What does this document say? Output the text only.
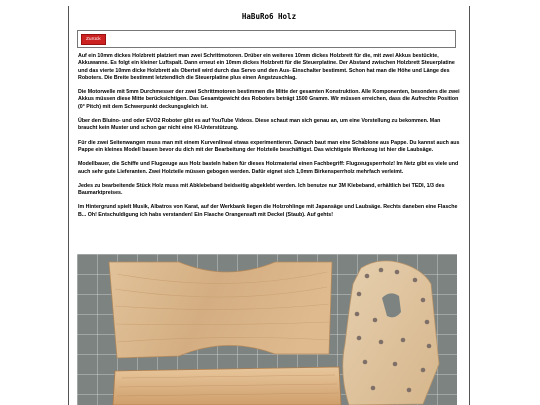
HaBuRo6 Holz
Zurück

Auf ein 10mm dickes Holzbrett platziert man zwei Schrittmotoren. Drüber ein weiteres 10mm dickes Holzbrett für die, mit zwei Akkus bestückte, Akkuwanne. Es folgt ein kleiner Luftspalt. Dann erneut ein 10mm dickes Holzbrett für die Steuerplatine. Der Abstand zwischen Holzbrett Steuerplatine und das vierte 10mm dicke Holzbrett als Oberteil wird durch das Servo und den Aus- Einschalter bestimmt. Schon hat man die Höhe und Länge des Roboters. Die Breite bestimmt letztendlich die Steuerplatine plus einen Angstzuschlag.

Die Motorwelle mit 5mm Durchmesser der zwei Schrittmotoren bestimmen die Mitte der gesamten Konstruktion. Alle Komponenten, besonders die zwei Akkus müssen diese Mitte berücksichtigen. Das Gesamtgewicht des Roboters beträgt 1500 Gramm. Wir müssen erreichen, dass die Aufrechte Position (0° Pitch) mit dem Schwerpunkt deckungsgleich ist.

Über den Bluino- und oder EVO2 Roboter gibt es auf YouTube Videos. Diese schaut man sich genau an, um eine Vorstellung zu bekommen. Man braucht kein Muster und schon gar nicht eine KI-Unterstützung.

Für die zwei Seitenwangen muss man mit einem Kurvenlineal etwas experimentieren. Danach baut man eine Schablone aus Pappe. Du kannst auch aus Pappe ein kleines Modell bauen bevor du dich mit der Bearbeitung der Holzteile beschäftigst. Das wichtigste Werkzeug ist hier die Laubsäge.

Modellbauer, die Schiffe und Flugzeuge aus Holz basteln haben für dieses Holzmaterial einen Fachbegriff: Flugzeugsperrholz! Im Netz gibt es viele und auch sehr gute Lieferanten. Zwei Holzteile müssen gebogen werden. Dafür eignet sich 1,0mm Birkensperrholz mehrfach verleimt.

Jedes zu bearbeitende Stück Holz muss mit Abklebeband beidseitig abgeklebt werden. Ich benutze nur 3M Klebeband, erhältlich bei TEDI, 1/3 des Baumarktpreises.

Im Hintergrund spielt Musik, Albatros von Karat, auf der Werkbank liegen die Holzrohlinge mit Japansäge und Laubsäge. Rechts daneben eine Flasche B... Oh! Entschuldigung ich habs verstanden! Ein Flasche Orangensaft mit Deckel (Staub). Auf gehts!
